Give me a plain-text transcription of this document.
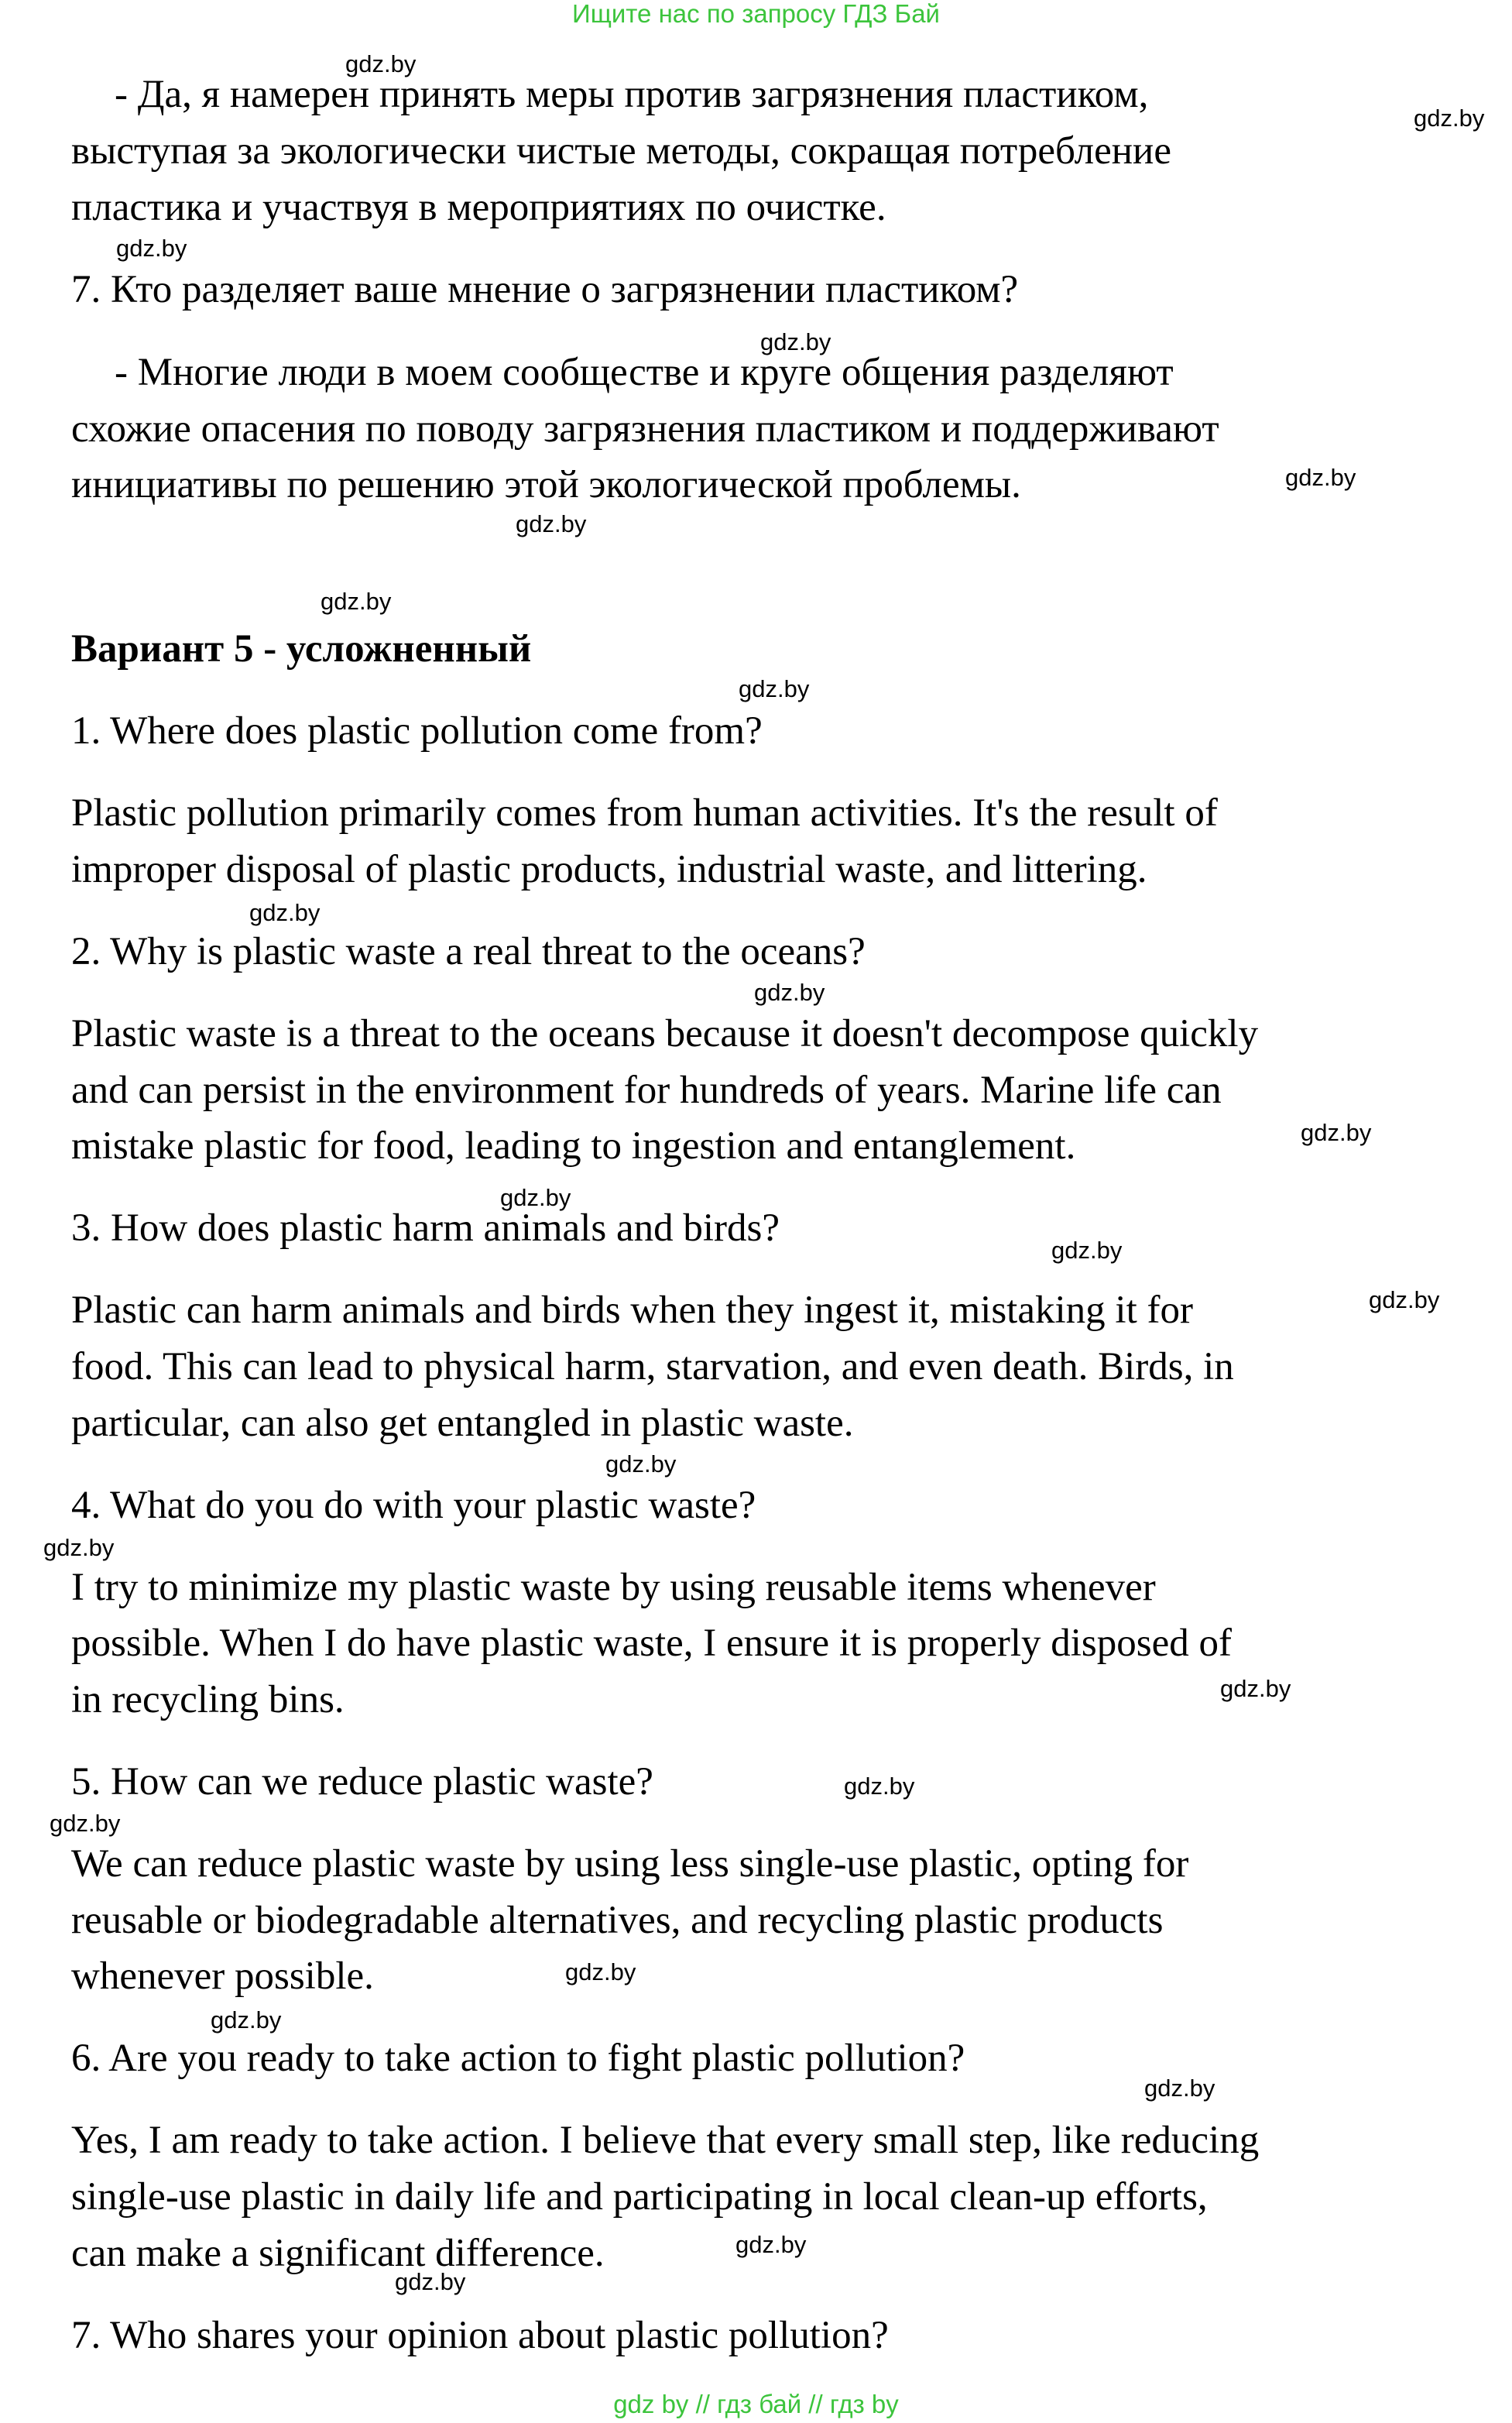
Ищите нас по запросу ГДЗ Бай

- Да, я намерен принять меры против загрязнения пластиком,

выступая за экологически чистые методы, сокращая потребление

пластика и участвуя в мероприятиях по очистке.

7. Кто разделяет ваше мнение о загрязнении пластиком?

- Многие люди в моем сообществе и круге общения разделяют

схожие опасения по поводу загрязнения пластиком и поддерживают

инициативы по решению этой экологической проблемы.

Вариант 5 - усложненный

1. Where does plastic pollution come from?

Plastic pollution primarily comes from human activities. It's the result of

improper disposal of plastic products, industrial waste, and littering.

2. Why is plastic waste a real threat to the oceans?

Plastic waste is a threat to the oceans because it doesn't decompose quickly

and can persist in the environment for hundreds of years. Marine life can

mistake plastic for food, leading to ingestion and entanglement.

3. How does plastic harm animals and birds?

Plastic can harm animals and birds when they ingest it, mistaking it for

food. This can lead to physical harm, starvation, and even death. Birds, in

particular, can also get entangled in plastic waste.

4. What do you do with your plastic waste?

I try to minimize my plastic waste by using reusable items whenever

possible. When I do have plastic waste, I ensure it is properly disposed of

in recycling bins.

5. How can we reduce plastic waste?

We can reduce plastic waste by using less single-use plastic, opting for

reusable or biodegradable alternatives, and recycling plastic products

whenever possible.

6. Are you ready to take action to fight plastic pollution?

Yes, I am ready to take action. I believe that every small step, like reducing

single-use plastic in daily life and participating in local clean-up efforts,

can make a significant difference.

7. Who shares your opinion about plastic pollution?

gdz.by
gdz.by
gdz.by
gdz.by
gdz.by
gdz.by
gdz.by
gdz.by
gdz.by
gdz.by
gdz.by
gdz.by
gdz.by
gdz.by
gdz.by
gdz.by
gdz.by
gdz.by
gdz.by
gdz.by
gdz.by
gdz.by
gdz.by
gdz.by
gdz by // гдз бай // гдз by
